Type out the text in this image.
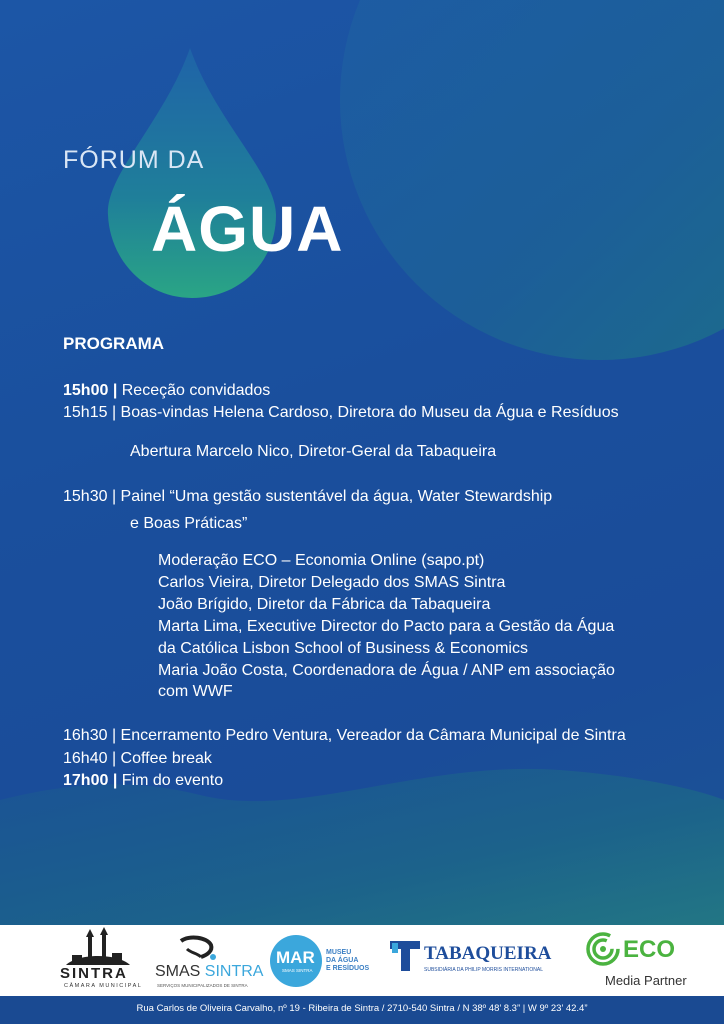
FÓRUM DA
ÁGUA
PROGRAMA
15h00 | Receção convidados
15h15 | Boas-vindas Helena Cardoso, Diretora do Museu da Água e Resíduos
Abertura Marcelo Nico, Diretor-Geral da Tabaqueira
15h30 | Painel “Uma gestão sustentável da água, Water Stewardship
e Boas Práticas”
Moderação ECO – Economia Online (sapo.pt)
Carlos Vieira, Diretor Delegado dos SMAS Sintra
João Brígido, Diretor da Fábrica da Tabaqueira
Marta Lima, Executive Director do Pacto para a Gestão da Água
da Católica Lisbon School of Business & Economics
Maria João Costa, Coordenadora de Água / ANP em associação
com WWF
16h30 | Encerramento Pedro Ventura, Vereador da Câmara Municipal de Sintra
16h40 | Coffee break
17h00 | Fim do evento
SINTRA
CÂMARA MUNICIPAL
SMAS SINTRA
SERVIÇOS MUNICIPALIZADOS DE SINTRA
MAR
SMAS SINTRA
MUSEU
DA ÁGUA
E RESÍDUOS
TABAQUEIRA
SUBSIDIÁRIA DA PHILIP MORRIS INTERNATIONAL
ECO
Media Partner
Rua Carlos de Oliveira Carvalho, nº 19 - Ribeira de Sintra / 2710-540 Sintra / N 38º 48’ 8.3” | W 9º 23’ 42.4”
